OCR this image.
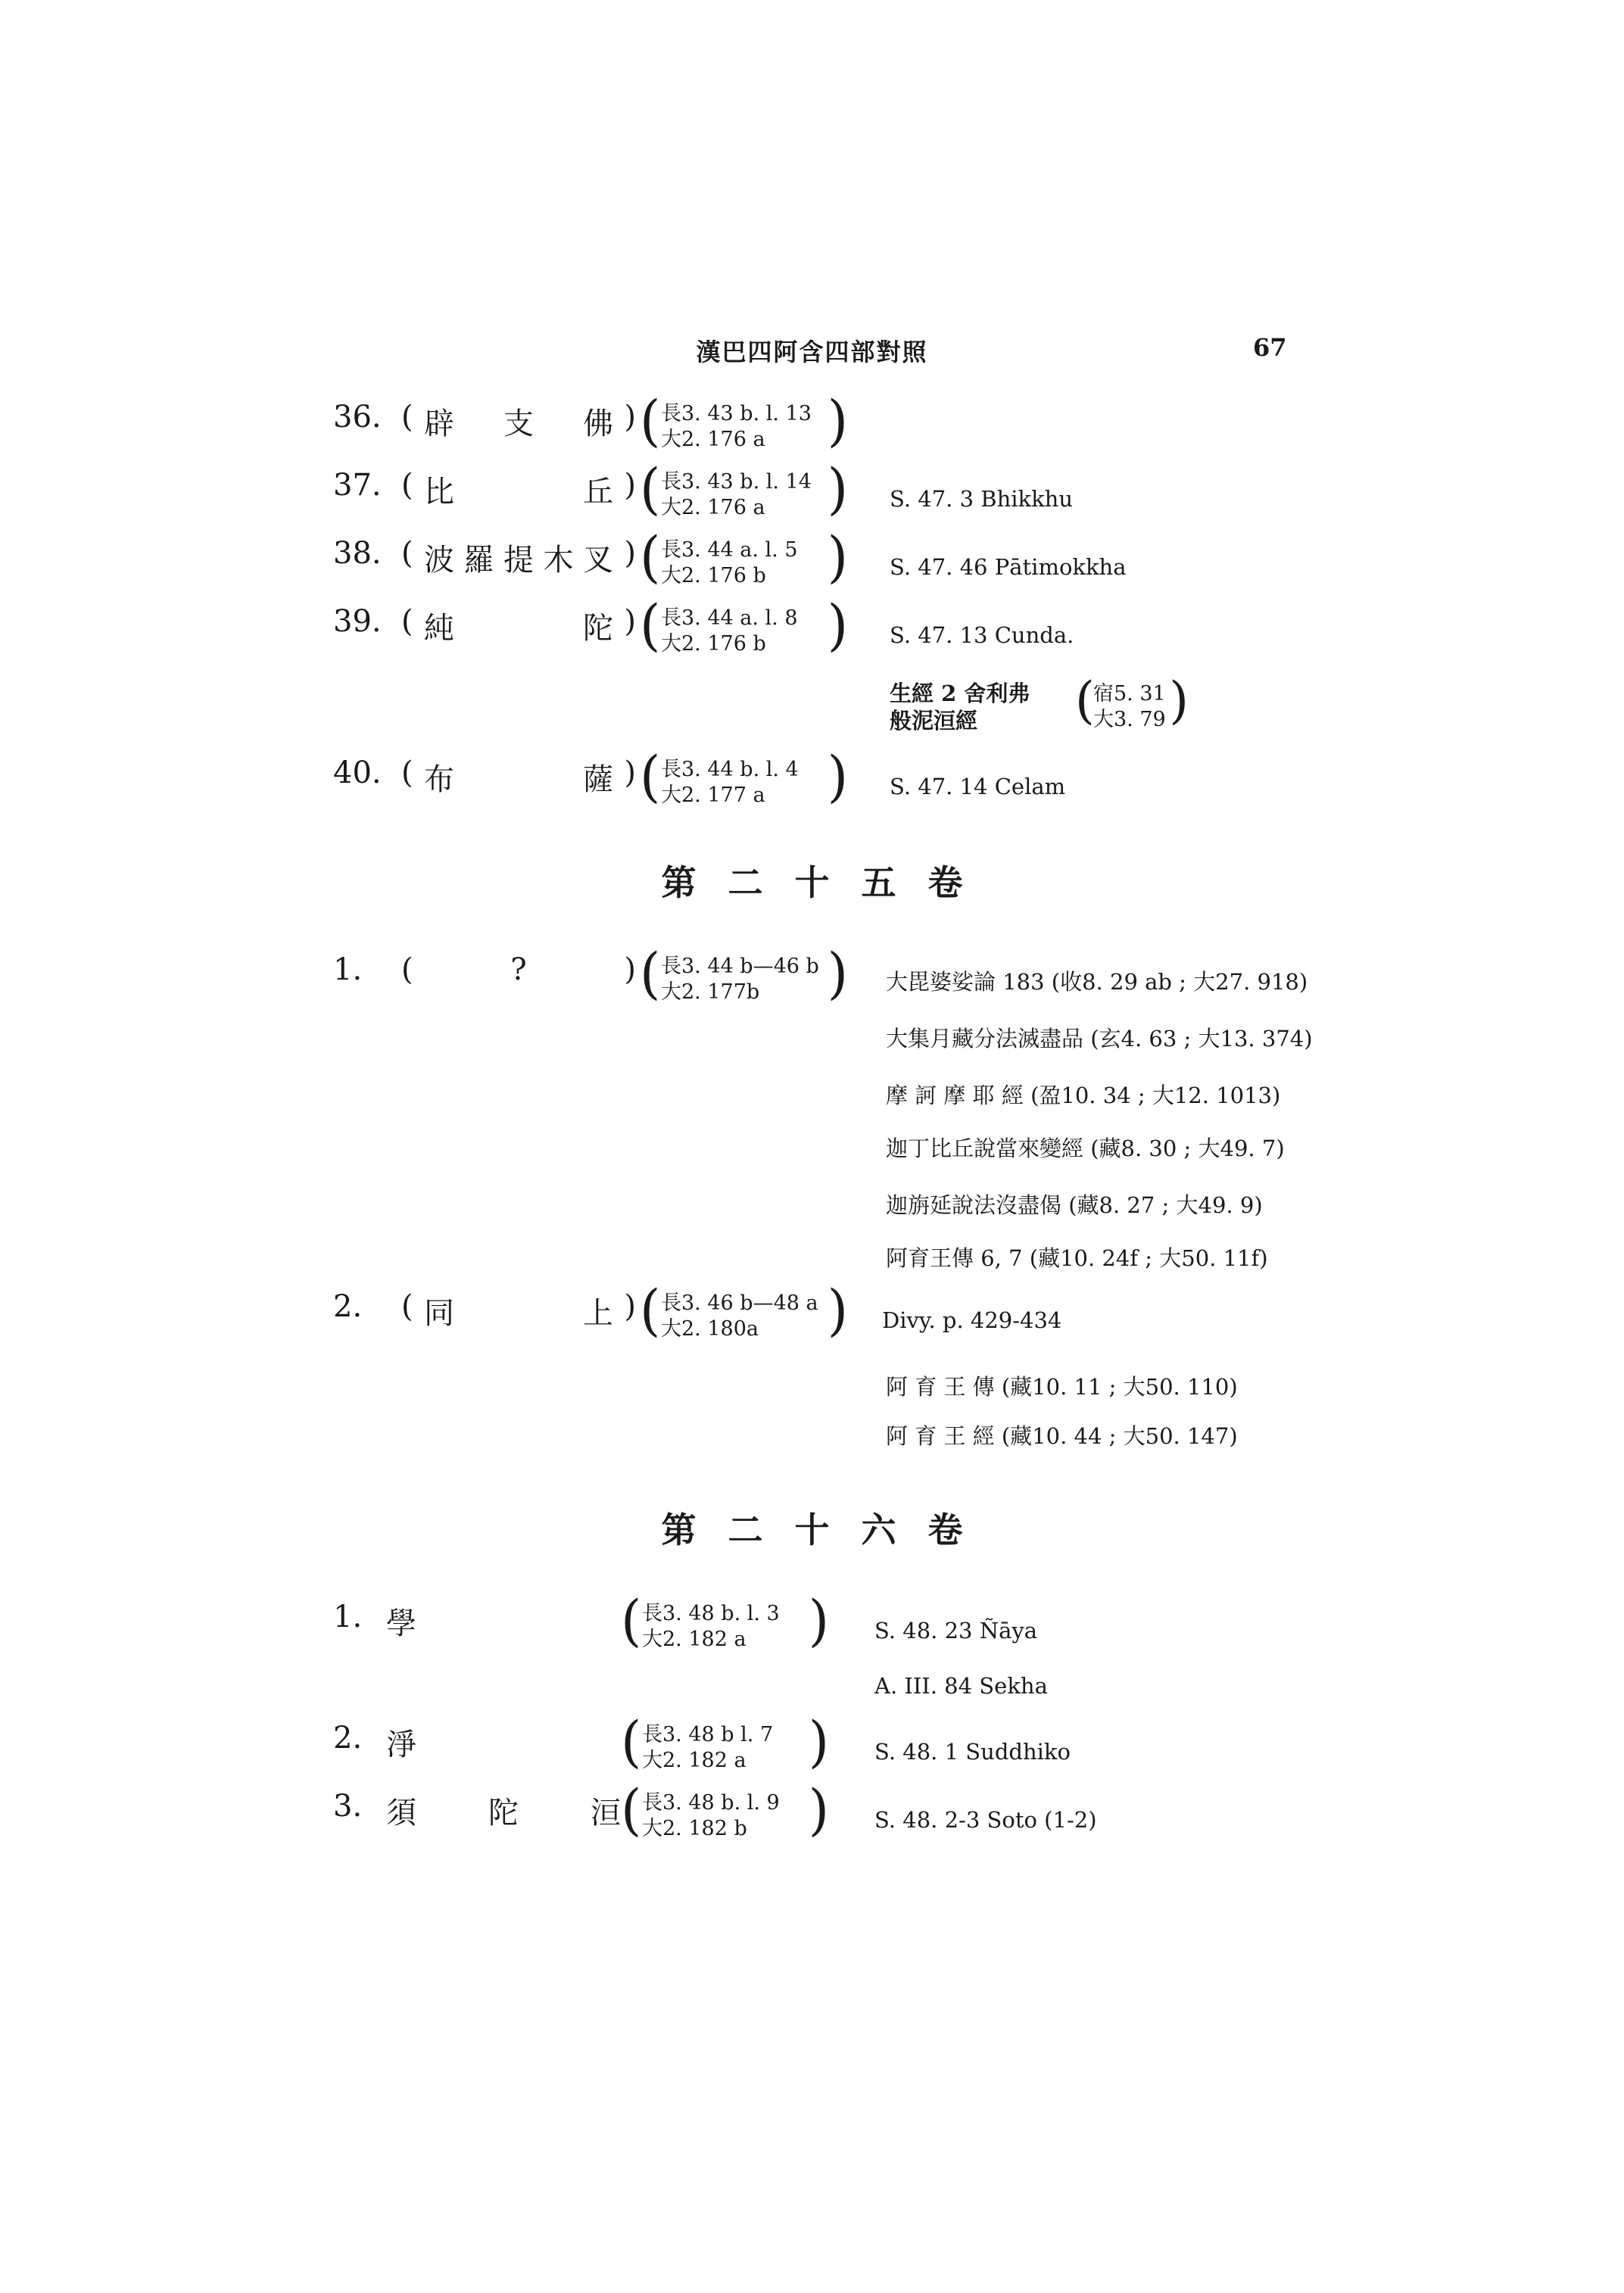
漢巴四阿含四部對照	67
36. ( 辟 支 佛 ) ( 長3. 43 b. l. 13
大2. 176 a )
37. ( 比	丘 ) ( 長3. 43 b. l. 14
大2. 176 a ) S. 47. 3 Bhikkhu
38. ( 波 羅 提 木 叉 ) ( 長3. 44 a. l. 5
大2. 176 b ) S. 47. 46 Pātimokkha
39. ( 純	陀 ) ( 長3. 44 a. l. 8
大2. 176 b ) S. 47. 13 Cunda.
生經 2 舍利弗
般泥洹經 (
宿5. 31
大3. 79 )
40. ( 布	薩 ) ( 長3. 44 b. l. 4
大2. 177 a ) S. 47. 14 Celam
第二十五卷
1. (	?	) ( 長3. 44 b—46 b
大2. 177b ) 大毘婆娑論 183 (收8. 29 ab ; 大27. 918)
大集月藏分法滅盡品 (玄4. 63 ; 大13. 374)
摩 訶 摩 耶 經 (盈10. 34 ; 大12. 1013)
迦丁比丘說當來變經 (藏8. 30 ; 大49. 7)
迦旃延說法沒盡偈 (藏8. 27 ; 大49. 9)
阿育王傳 6, 7 (藏10. 24f ; 大50. 11f)
2. ( 同	上 ) ( 長3. 46 b—48 a
大2. 180a ) Divy. p. 429-434
阿 育 王 傳 (藏10. 11 ; 大50. 110)
阿 育 王 經 (藏10. 44 ; 大50. 147)
第二十六卷
1. 學	( 長3. 48 b. l. 3
大2. 182 a ) S. 48. 23 Ñāya
A. III. 84 Sekha
2. 淨	( 長3. 48 b l. 7
大2. 182 a ) S. 48. 1 Suddhiko
3. 須 陀 洹 ( 長3. 48 b. l. 9
大2. 182 b ) S. 48. 2-3 Soto (1-2)
